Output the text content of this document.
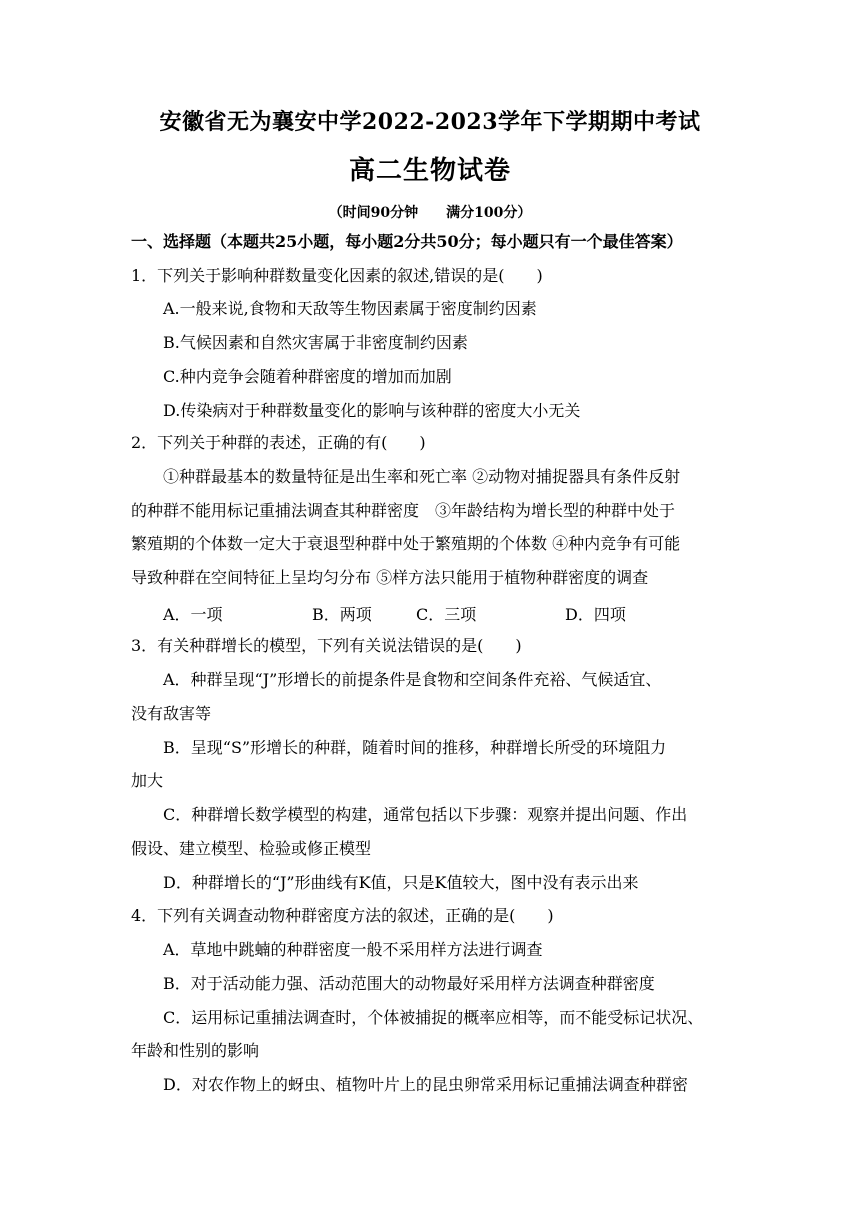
安徽省无为襄安中学2022-2023学年下学期期中考试
高二生物试卷
（时间90分钟　　满分100分）
一、选择题（本题共25小题，每小题2分共50分；每小题只有一个最佳答案）
1．下列关于影响种群数量变化因素的叙述,错误的是(　　)
A.一般来说,食物和天敌等生物因素属于密度制约因素
B.气候因素和自然灾害属于非密度制约因素
C.种内竞争会随着种群密度的增加而加剧
D.传染病对于种群数量变化的影响与该种群的密度大小无关
2．下列关于种群的表述，正确的有(　　)
①种群最基本的数量特征是出生率和死亡率 ②动物对捕捉器具有条件反射
的种群不能用标记重捕法调查其种群密度　③年龄结构为增长型的种群中处于
繁殖期的个体数一定大于衰退型种群中处于繁殖期的个体数 ④种内竞争有可能
导致种群在空间特征上呈均匀分布 ⑤样方法只能用于植物种群密度的调查
A．一项	B．两项	C．三项	D．四项
3．有关种群增长的模型，下列有关说法错误的是(　　)
A．种群呈现“J”形增长的前提条件是食物和空间条件充裕、气候适宜、
没有敌害等
B．呈现“S”形增长的种群，随着时间的推移，种群增长所受的环境阻力
加大
C．种群增长数学模型的构建，通常包括以下步骤：观察并提出问题、作出
假设、建立模型、检验或修正模型
D．种群增长的“J”形曲线有K值，只是K值较大，图中没有表示出来
4．下列有关调查动物种群密度方法的叙述，正确的是(　　)
A．草地中跳蝻的种群密度一般不采用样方法进行调查
B．对于活动能力强、活动范围大的动物最好采用样方法调查种群密度
C．运用标记重捕法调查时，个体被捕捉的概率应相等，而不能受标记状况、
年龄和性别的影响
D．对农作物上的蚜虫、植物叶片上的昆虫卵常采用标记重捕法调查种群密
